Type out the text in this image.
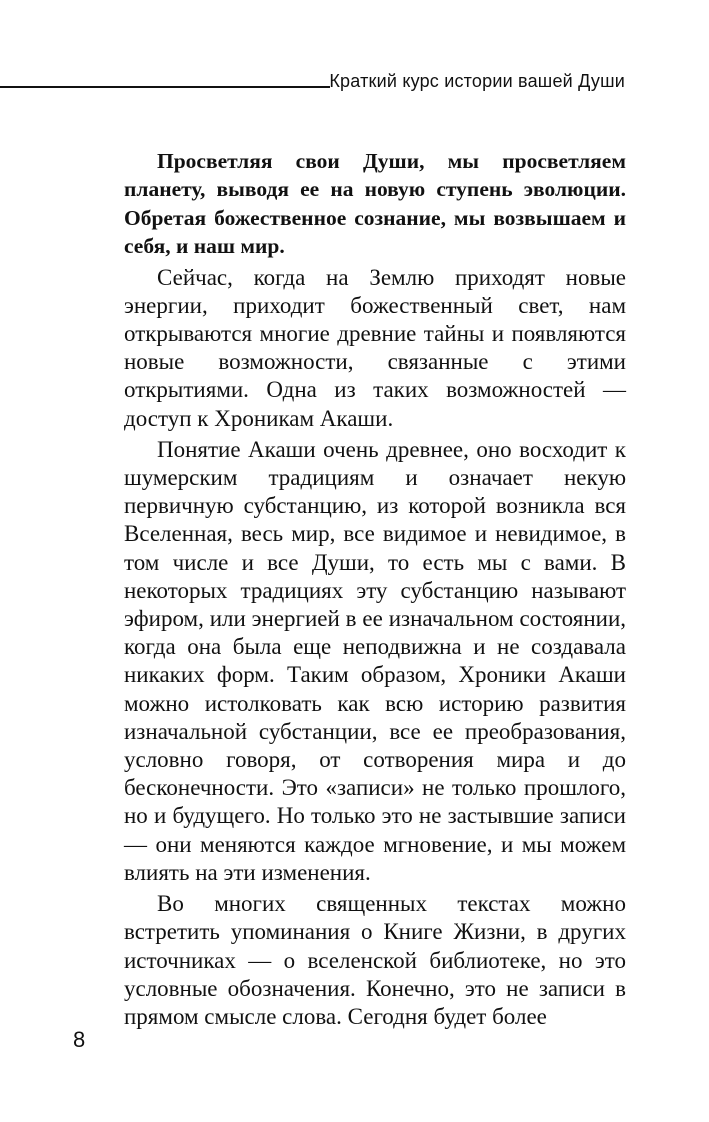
Краткий курс истории вашей Души

Просветляя свои Души, мы просветляем планету, выводя ее на новую ступень эволюции. Обретая божественное сознание, мы возвышаем и себя, и наш мир.

Сейчас, когда на Землю приходят новые энергии, приходит божественный свет, нам открываются многие древние тайны и появляются новые возможности, связанные с этими открытиями. Одна из таких возможностей — доступ к Хроникам Акаши.

Понятие Акаши очень древнее, оно восходит к шумерским традициям и означает некую первичную субстанцию, из которой возникла вся Вселенная, весь мир, все видимое и невидимое, в том числе и все Души, то есть мы с вами. В некоторых традициях эту субстанцию называют эфиром, или энергией в ее изначальном состоянии, когда она была еще неподвижна и не создавала никаких форм. Таким образом, Хроники Акаши можно истолковать как всю историю развития изначальной субстанции, все ее преобразования, условно говоря, от сотворения мира и до бесконечности. Это «записи» не только прошлого, но и будущего. Но только это не застывшие записи — они меняются каждое мгновение, и мы можем влиять на эти изменения.

Во многих священных текстах можно встретить упоминания о Книге Жизни, в других источниках — о вселенской библиотеке, но это условные обозначения. Конечно, это не записи в прямом смысле слова. Сегодня будет более

8
